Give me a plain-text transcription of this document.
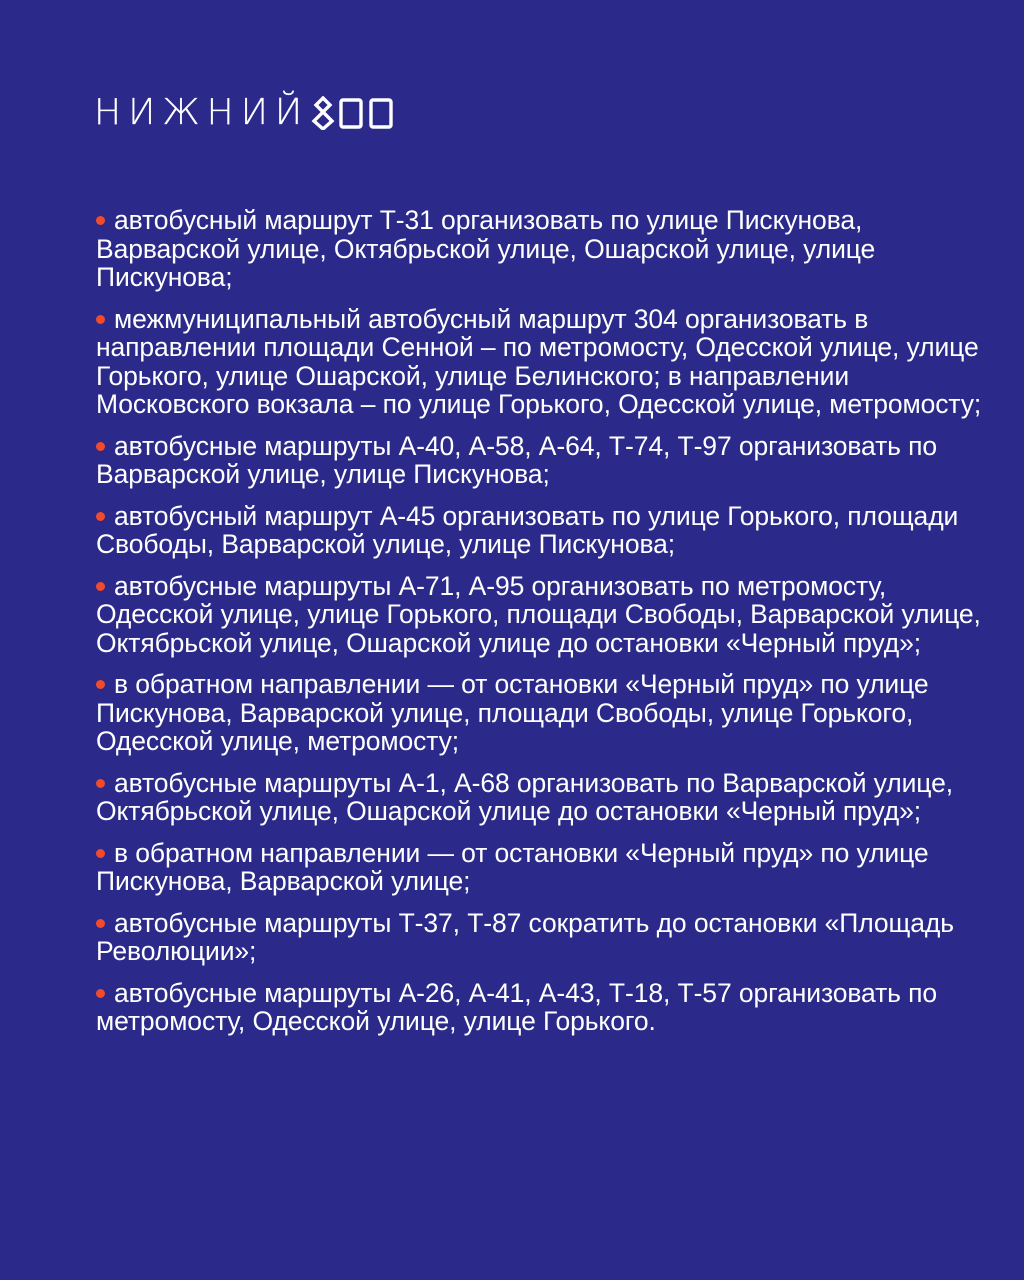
НИЖНИЙ

автобусный маршрут Т-31 организовать по улице Пискунова, Варварской улице, Октябрьской улице, Ошарской улице, улице Пискунова;

межмуниципальный автобусный маршрут 304 организовать в направлении площади Сенной – по метромосту, Одесской улице, улице Горького, улице Ошарской, улице Белинского; в направлении Московского вокзала – по улице Горького, Одесской улице, метромосту;

автобусные маршруты А-40, А-58, А-64, Т-74, Т-97 организовать по Варварской улице, улице Пискунова;

автобусный маршрут А-45 организовать по улице Горького, площади Свободы, Варварской улице, улице Пискунова;

автобусные маршруты А-71, А-95 организовать по метромосту, Одесской улице, улице Горького, площади Свободы, Варварской улице, Октябрьской улице, Ошарской улице до остановки «Черный пруд»;

в обратном направлении — от остановки «Черный пруд» по улице Пискунова, Варварской улице, площади Свободы, улице Горького, Одесской улице, метромосту;

автобусные маршруты А-1, А-68 организовать по Варварской улице, Октябрьской улице, Ошарской улице до остановки «Черный пруд»;

в обратном направлении — от остановки «Черный пруд» по улице Пискунова, Варварской улице;

автобусные маршруты Т-37, Т-87 сократить до остановки «Площадь Революции»;

автобусные маршруты А-26, А-41, А-43, Т-18, Т-57 организовать по метромосту, Одесской улице, улице Горького.
